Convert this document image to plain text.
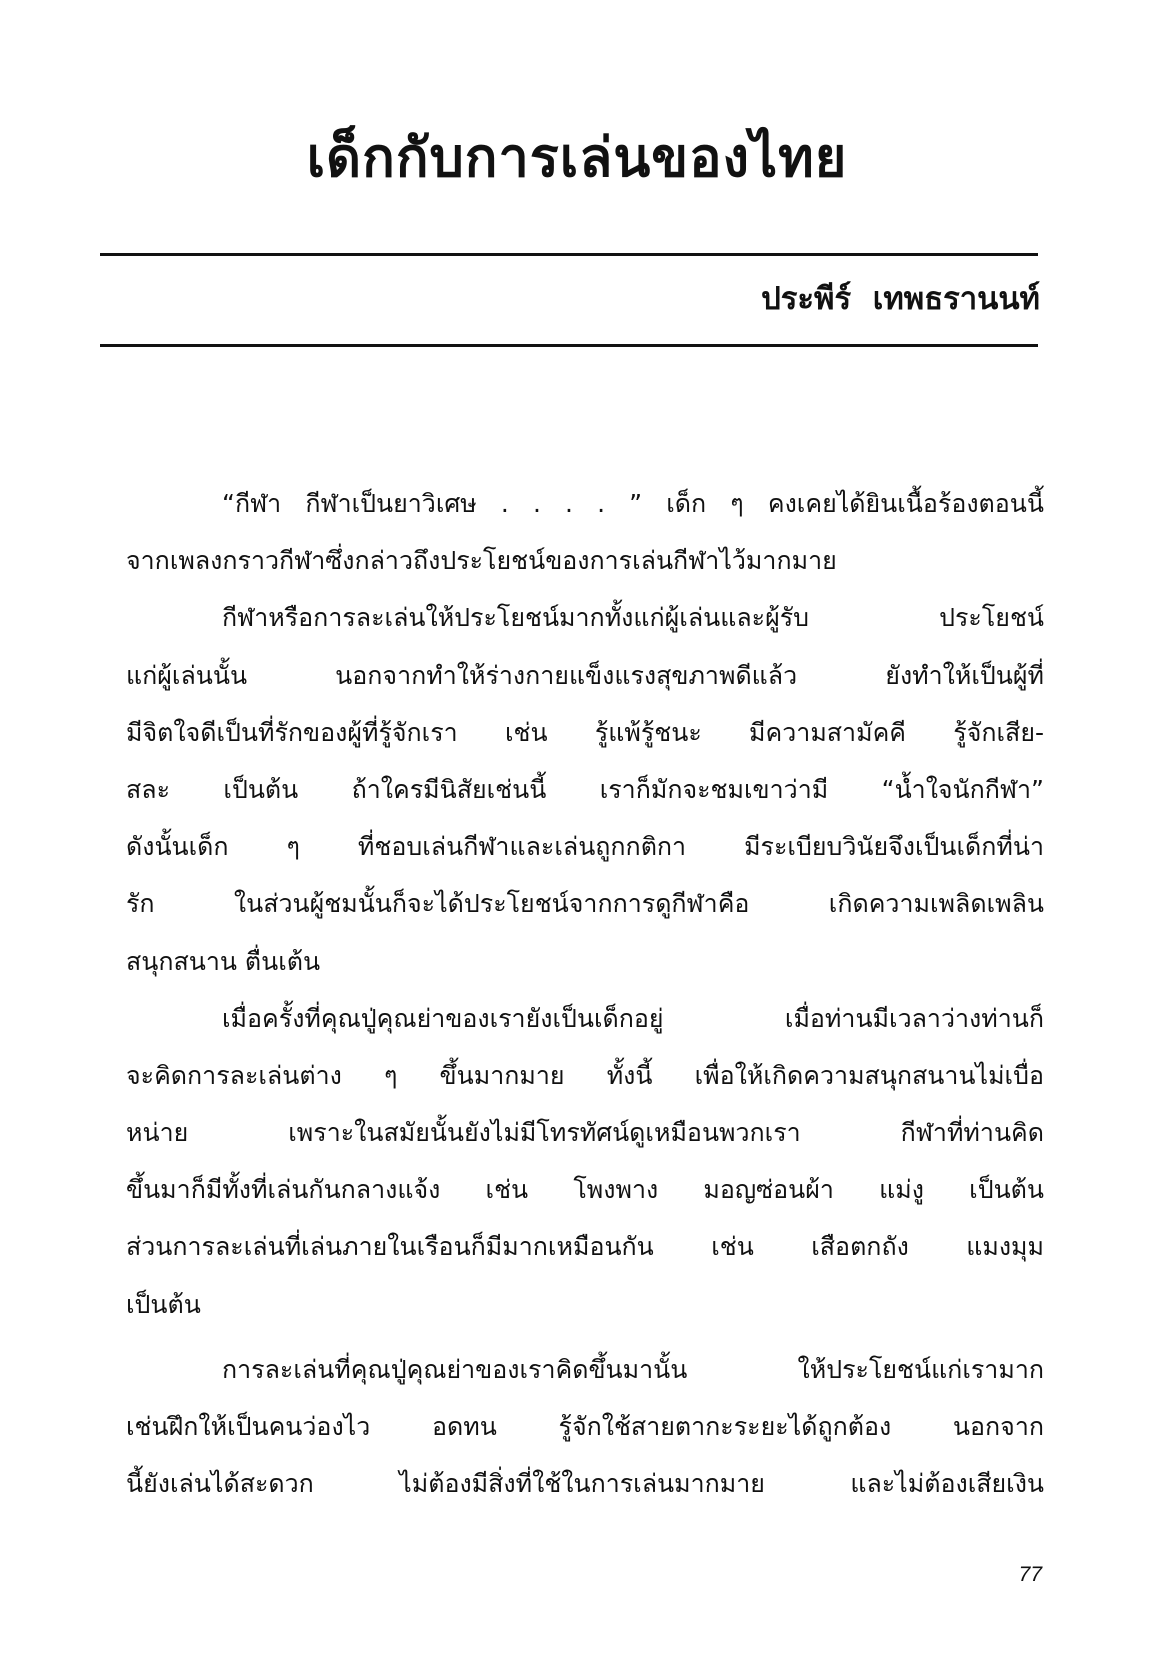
เด็กกับการเล่นของไทย
ประพีร์  เทพธรานนท์
“กีฬา กีฬาเป็นยาวิเศษ . . . . ” เด็ก ๆ คงเคยได้ยินเนื้อร้องตอนนี้
จากเพลงกราวกีฬาซึ่งกล่าวถึงประโยชน์ของการเล่นกีฬาไว้มากมาย
กีฬาหรือการละเล่นให้ประโยชน์มากทั้งแก่ผู้เล่นและผู้รับ ประโยชน์
แก่ผู้เล่นนั้น นอกจากทำให้ร่างกายแข็งแรงสุขภาพดีแล้ว ยังทำให้เป็นผู้ที่
มีจิตใจดีเป็นที่รักของผู้ที่รู้จักเรา เช่น รู้แพ้รู้ชนะ มีความสามัคคี รู้จักเสีย-
สละ เป็นต้น ถ้าใครมีนิสัยเช่นนี้ เราก็มักจะชมเขาว่ามี “น้ำใจนักกีฬา”
ดังนั้นเด็ก ๆ ที่ชอบเล่นกีฬาและเล่นถูกกติกา มีระเบียบวินัยจึงเป็นเด็กที่น่า
รัก ในส่วนผู้ชมนั้นก็จะได้ประโยชน์จากการดูกีฬาคือ เกิดความเพลิดเพลิน
สนุกสนาน ตื่นเต้น
เมื่อครั้งที่คุณปู่คุณย่าของเรายังเป็นเด็กอยู่ เมื่อท่านมีเวลาว่างท่านก็
จะคิดการละเล่นต่าง ๆ ขึ้นมากมาย ทั้งนี้ เพื่อให้เกิดความสนุกสนานไม่เบื่อ
หน่าย เพราะในสมัยนั้นยังไม่มีโทรทัศน์ดูเหมือนพวกเรา กีฬาที่ท่านคิด
ขึ้นมาก็มีทั้งที่เล่นกันกลางแจ้ง เช่น โพงพาง มอญซ่อนผ้า แม่งู เป็นต้น
ส่วนการละเล่นที่เล่นภายในเรือนก็มีมากเหมือนกัน เช่น เสือตกถัง แมงมุม
เป็นต้น
การละเล่นที่คุณปู่คุณย่าของเราคิดขึ้นมานั้น ให้ประโยชน์แก่เรามาก
เช่นฝึกให้เป็นคนว่องไว อดทน รู้จักใช้สายตากะระยะได้ถูกต้อง นอกจาก
นี้ยังเล่นได้สะดวก ไม่ต้องมีสิ่งที่ใช้ในการเล่นมากมาย และไม่ต้องเสียเงิน
77
